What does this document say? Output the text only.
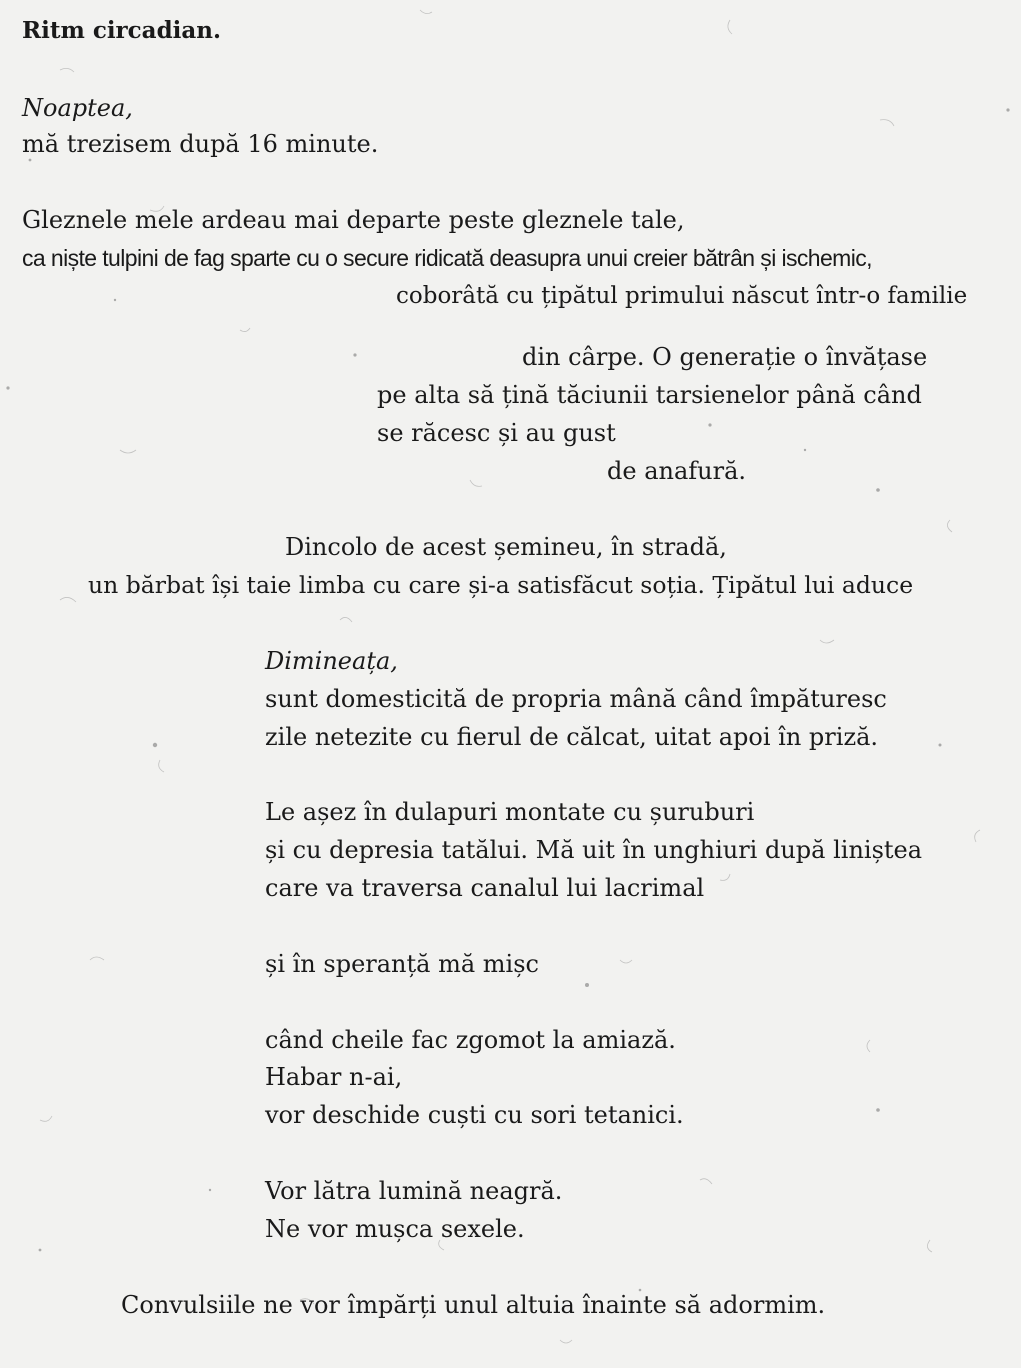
Ritm circadian.

Noaptea,

mă trezisem după 16 minute.

Gleznele mele ardeau mai departe peste gleznele tale,

ca niște tulpini de fag sparte cu o secure ridicată deasupra unui creier bătrân și ischemic,

coborâtă cu țipătul primului născut într-o familie

din cârpe. O generație o învățase

pe alta să țină tăciunii tarsienelor până când

se răcesc și au gust

de anafură.

Dincolo de acest șemineu, în stradă,

un bărbat își taie limba cu care și-a satisfăcut soția. Țipătul lui aduce

Dimineața,

sunt domesticită de propria mână când împăturesc

zile netezite cu fierul de călcat, uitat apoi în priză.

Le așez în dulapuri montate cu șuruburi

și cu depresia tatălui. Mă uit în unghiuri după liniștea

care va traversa canalul lui lacrimal

și în speranță mă mișc

când cheile fac zgomot la amiază.

Habar n-ai,

vor deschide cuști cu sori tetanici.

Vor lătra lumină neagră.

Ne vor mușca sexele.

Convulsiile ne vor împărți unul altuia înainte să adormim.
